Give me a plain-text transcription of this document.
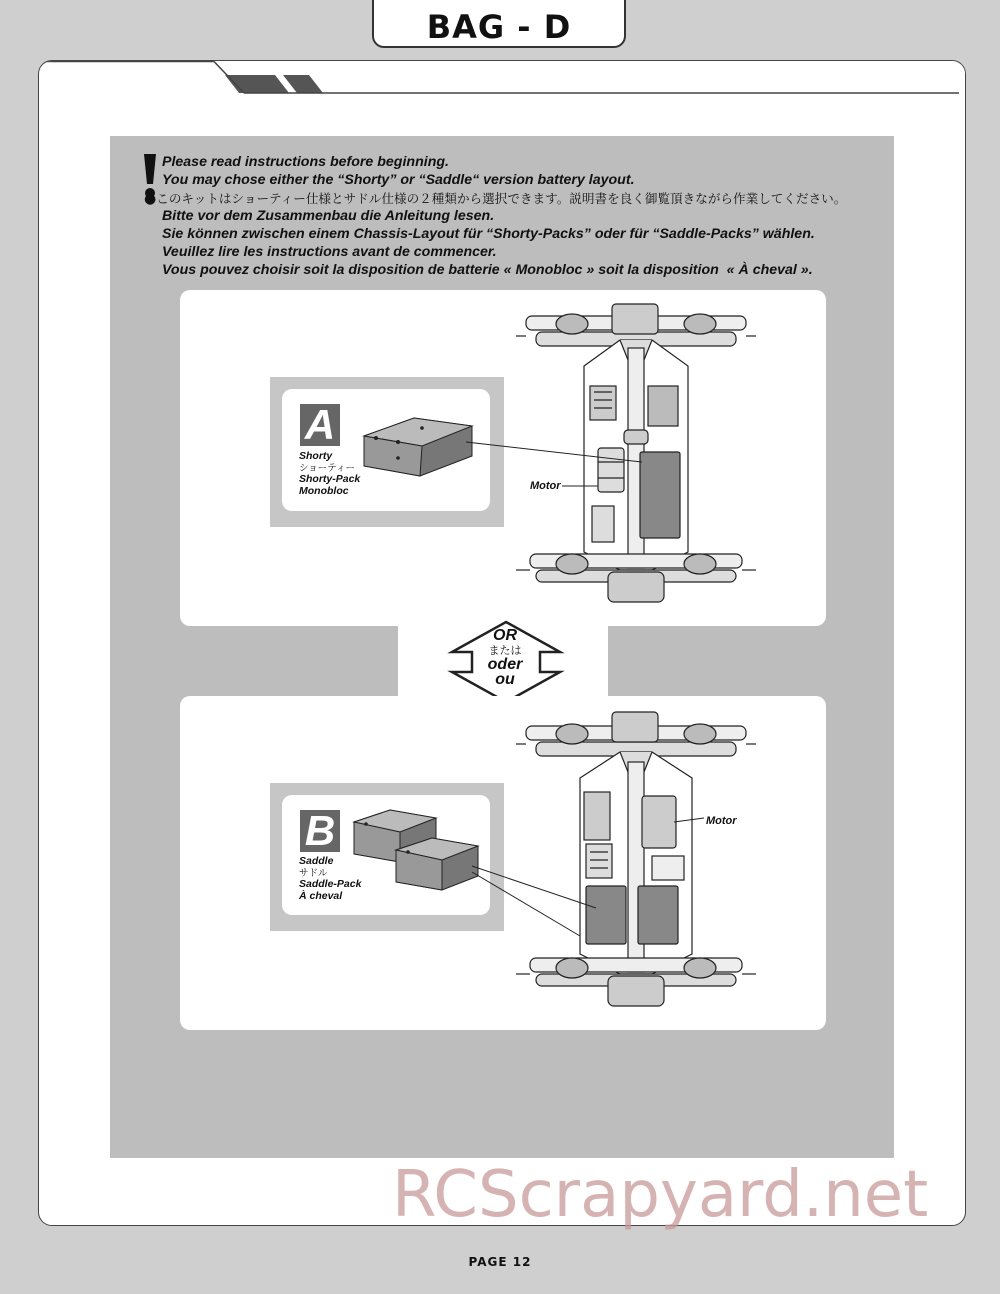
BAG - D
Please read instructions before beginning.
You may chose either the “Shorty” or “Saddle“ version battery layout.
●このキットはショーティー仕様とサドル仕様の２種類から選択できます。説明書を良く御覧頂きながら作業してください。
Bitte vor dem Zusammenbau die Anleitung lesen.
Sie können zwischen einem Chassis-Layout für “Shorty-Packs” oder für “Saddle-Packs” wählen.
Veuillez lire les instructions avant de commencer.
Vous pouvez choisir soit la disposition de batterie « Monobloc » soit la disposition  « À cheval ».
A
Shorty
ショーティー
Shorty-Pack
Monobloc	Motor
OR
または
oder
ou
B
Saddle
サドル
Saddle-Pack
À cheval
Motor
RCScrapyard.net
PAGE 12
